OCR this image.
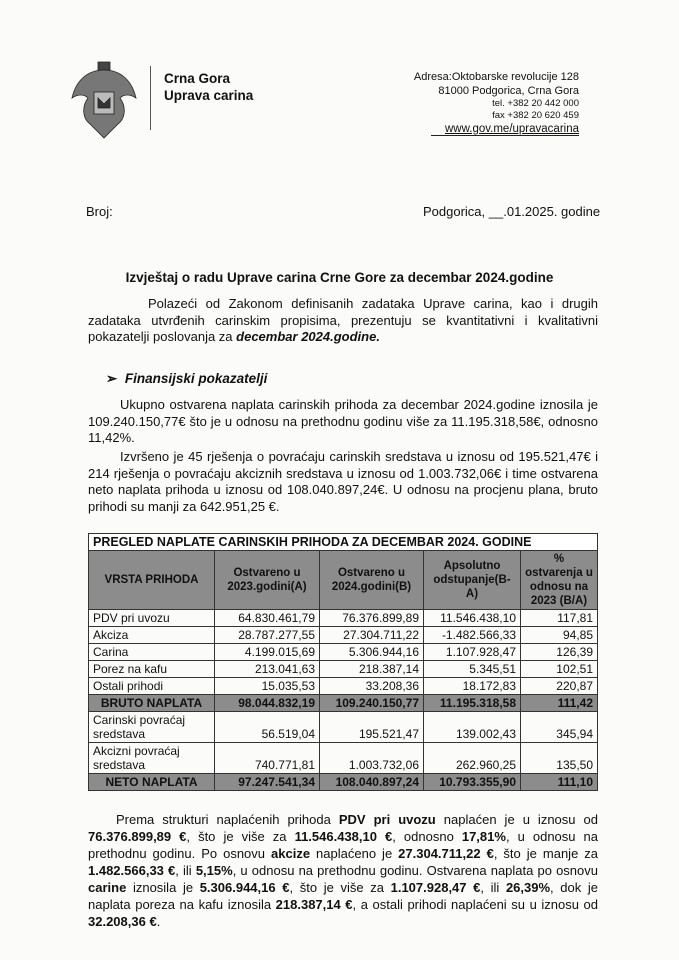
Crna Gora
Uprava carina
Adresa:Oktobarske revolucije 128
81000 Podgorica, Crna Gora
tel. +382 20 442 000
fax +382 20 620 459
www.gov.me/upravacarina
Broj:	Podgorica, __.01.2025. godine
Izvještaj o radu Uprave carina Crne Gore za decembar 2024.godine
Polazeći od Zakonom definisanih zadataka Uprave carina, kao i drugih zadataka utvrđenih carinskim propisima, prezentuju se kvantitativni i kvalitativni pokazatelji poslovanja za decembar 2024.godine.
➢  Finansijski pokazatelji
Ukupno ostvarena naplata carinskih prihoda za decembar 2024.godine iznosila je 109.240.150,77€ što je u odnosu na prethodnu godinu više za 11.195.318,58€, odnosno 11,42%.
Izvršeno je 45 rješenja o povraćaju carinskih sredstava u iznosu od 195.521,47€ i 214 rješenja o povraćaju akciznih sredstava u iznosu od 1.003.732,06€ i time ostvarena neto naplata prihoda u iznosu od 108.040.897,24€. U odnosu na procjenu plana, bruto prihodi su manji za 642.951,25 €.
PREGLED NAPLATE CARINSKIH PRIHODA ZA DECEMBAR 2024. GODINE				
VRSTA PRIHODA	Ostvareno u 2023.godini(A)	Ostvareno u 2024.godini(B)	Apsolutno odstupanje(B-A)	% ostvarenja u odnosu na 2023 (B/A)
PDV pri uvozu	64.830.461,79	76.376.899,89	11.546.438,10	117,81
Akciza	28.787.277,55	27.304.711,22	-1.482.566,33	94,85
Carina	4.199.015,69	5.306.944,16	1.107.928,47	126,39
Porez na kafu	213.041,63	218.387,14	5.345,51	102,51
Ostali prihodi	15.035,53	33.208,36	18.172,83	220,87
BRUTO NAPLATA	98.044.832,19	109.240.150,77	11.195.318,58	111,42
Carinski povraćaj sredstava	56.519,04	195.521,47	139.002,43	345,94
Akcizni povraćaj sredstava	740.771,81	1.003.732,06	262.960,25	135,50
NETO NAPLATA	97.247.541,34	108.040.897,24	10.793.355,90	111,10
Prema strukturi naplaćenih prihoda PDV pri uvozu naplaćen je u iznosu od 76.376.899,89 €, što je više za 11.546.438,10 €, odnosno 17,81%, u odnosu na prethodnu godinu. Po osnovu akcize naplaćeno je 27.304.711,22 €, što je manje za 1.482.566,33 €, ili 5,15%, u odnosu na prethodnu godinu. Ostvarena naplata po osnovu carine iznosila je 5.306.944,16 €, što je više za 1.107.928,47 €, ili 26,39%, dok je naplata poreza na kafu iznosila 218.387,14 €, a ostali prihodi naplaćeni su u iznosu od 32.208,36 €.
